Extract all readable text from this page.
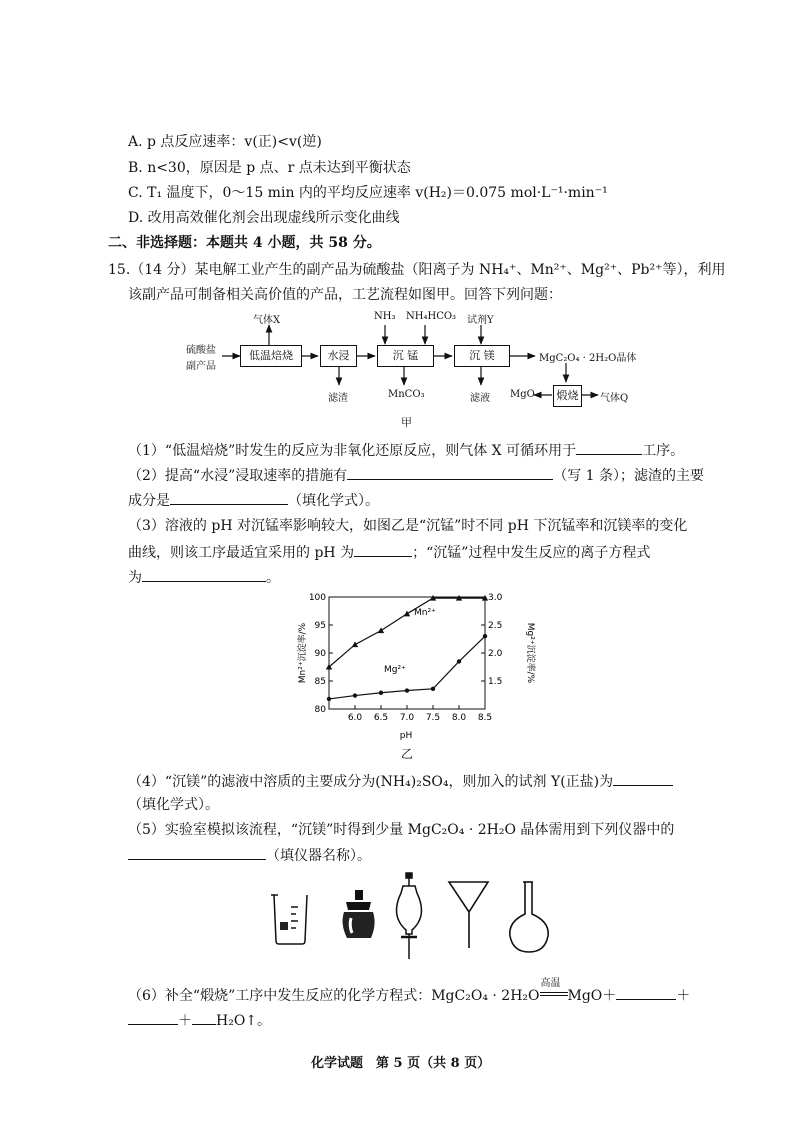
A. p 点反应速率：v(正)<v(逆)
B. n<30，原因是 p 点、r 点未达到平衡状态
C. T₁ 温度下，0～15 min 内的平均反应速率 v(H₂)＝0.075 mol·L⁻¹·min⁻¹
D. 改用高效催化剂会出现虚线所示变化曲线
二、非选择题：本题共 4 小题，共 58 分。
15.（14 分）某电解工业产生的副产品为硫酸盐（阳离子为 NH₄⁺、Mn²⁺、Mg²⁺、Pb²⁺等），利用
该副产品可制备相关高价值的产品，工艺流程如图甲。回答下列问题：
硫酸盐
副产品
低温焙烧	水浸	沉 锰	沉 镁
煅烧
气体X	NH₃ NH₄HCO₃ 试剂Y
滤渣	MnCO₃	滤液
MgC₂O₄ · 2H₂O晶体
MgO	气体Q
甲
（1）“低温焙烧”时发生的反应为非氧化还原反应，则气体 X 可循环用于	工序。
（2）提高“水浸”浸取速率的措施有	（写 1 条）；滤渣的主要
成分是	（填化学式）。
（3）溶液的 pH 对沉锰率影响较大，如图乙是“沉锰”时不同 pH 下沉锰率和沉镁率的变化
曲线，则该工序最适宜采用的 pH 为	；“沉锰”过程中发生反应的离子方程式
为	。
80
85
90
95
100
1.5
2.0
2.5
3.0
6.0 6.5 7.0 7.5 8.0 8.5
Mn²⁺
Mg²⁺
pH
Mn²⁺沉淀率/%	Mg²⁺沉淀率/%
乙
（4）“沉镁”的滤液中溶质的主要成分为(NH₄)₂SO₄，则加入的试剂 Y(正盐)为
（填化学式）。
（5）实验室模拟该流程，“沉镁”时得到少量 MgC₂O₄ · 2H₂O 晶体需用到下列仪器中的
（填仪器名称）。
（6）补全“煅烧”工序中发生反应的化学方程式：MgC₂O₄ · 2H₂O
高温
MgO＋	＋
＋ H₂O↑。
化学试题　第 5 页（共 8 页）
